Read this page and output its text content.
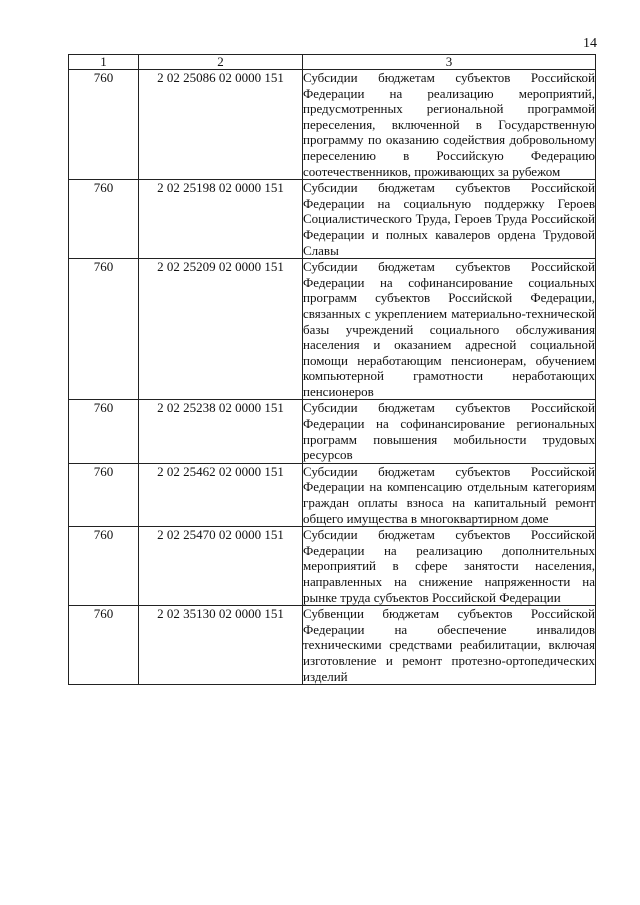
14
1	2	3
760	2 02 25086 02 0000 151	Субсидии бюджетам субъектов Российской Федерации на реализацию мероприятий, предусмотренных региональной программой переселения, включенной в Государственную программу по оказанию содействия добровольному переселению в Российскую Федерацию соотечественников, проживающих за рубежом
760	2 02 25198 02 0000 151	Субсидии бюджетам субъектов Российской Федерации на социальную поддержку Героев Социалистического Труда, Героев Труда Российской Федерации и полных кавалеров ордена Трудовой Славы
760	2 02 25209 02 0000 151	Субсидии бюджетам субъектов Российской Федерации на софинансирование социальных программ субъектов Российской Федерации, связанных с укреплением материально-технической базы учреждений социального обслуживания населения и оказанием адресной социальной помощи неработающим пенсионерам, обучением компьютерной грамотности неработающих пенсионеров
760	2 02 25238 02 0000 151	Субсидии бюджетам субъектов Российской Федерации на софинансирование региональных программ повышения мобильности трудовых ресурсов
760	2 02 25462 02 0000 151	Субсидии бюджетам субъектов Российской Федерации на компенсацию отдельным категориям граждан оплаты взноса на капитальный ремонт общего имущества в многоквартирном доме
760	2 02 25470 02 0000 151	Субсидии бюджетам субъектов Российской Федерации на реализацию дополнительных мероприятий в сфере занятости населения, направленных на снижение напряженности на рынке труда субъектов Российской Федерации
760	2 02 35130 02 0000 151	Субвенции бюджетам субъектов Российской Федерации на обеспечение инвалидов техническими средствами реабилитации, включая изготовление и ремонт протезно-ортопедических изделий
